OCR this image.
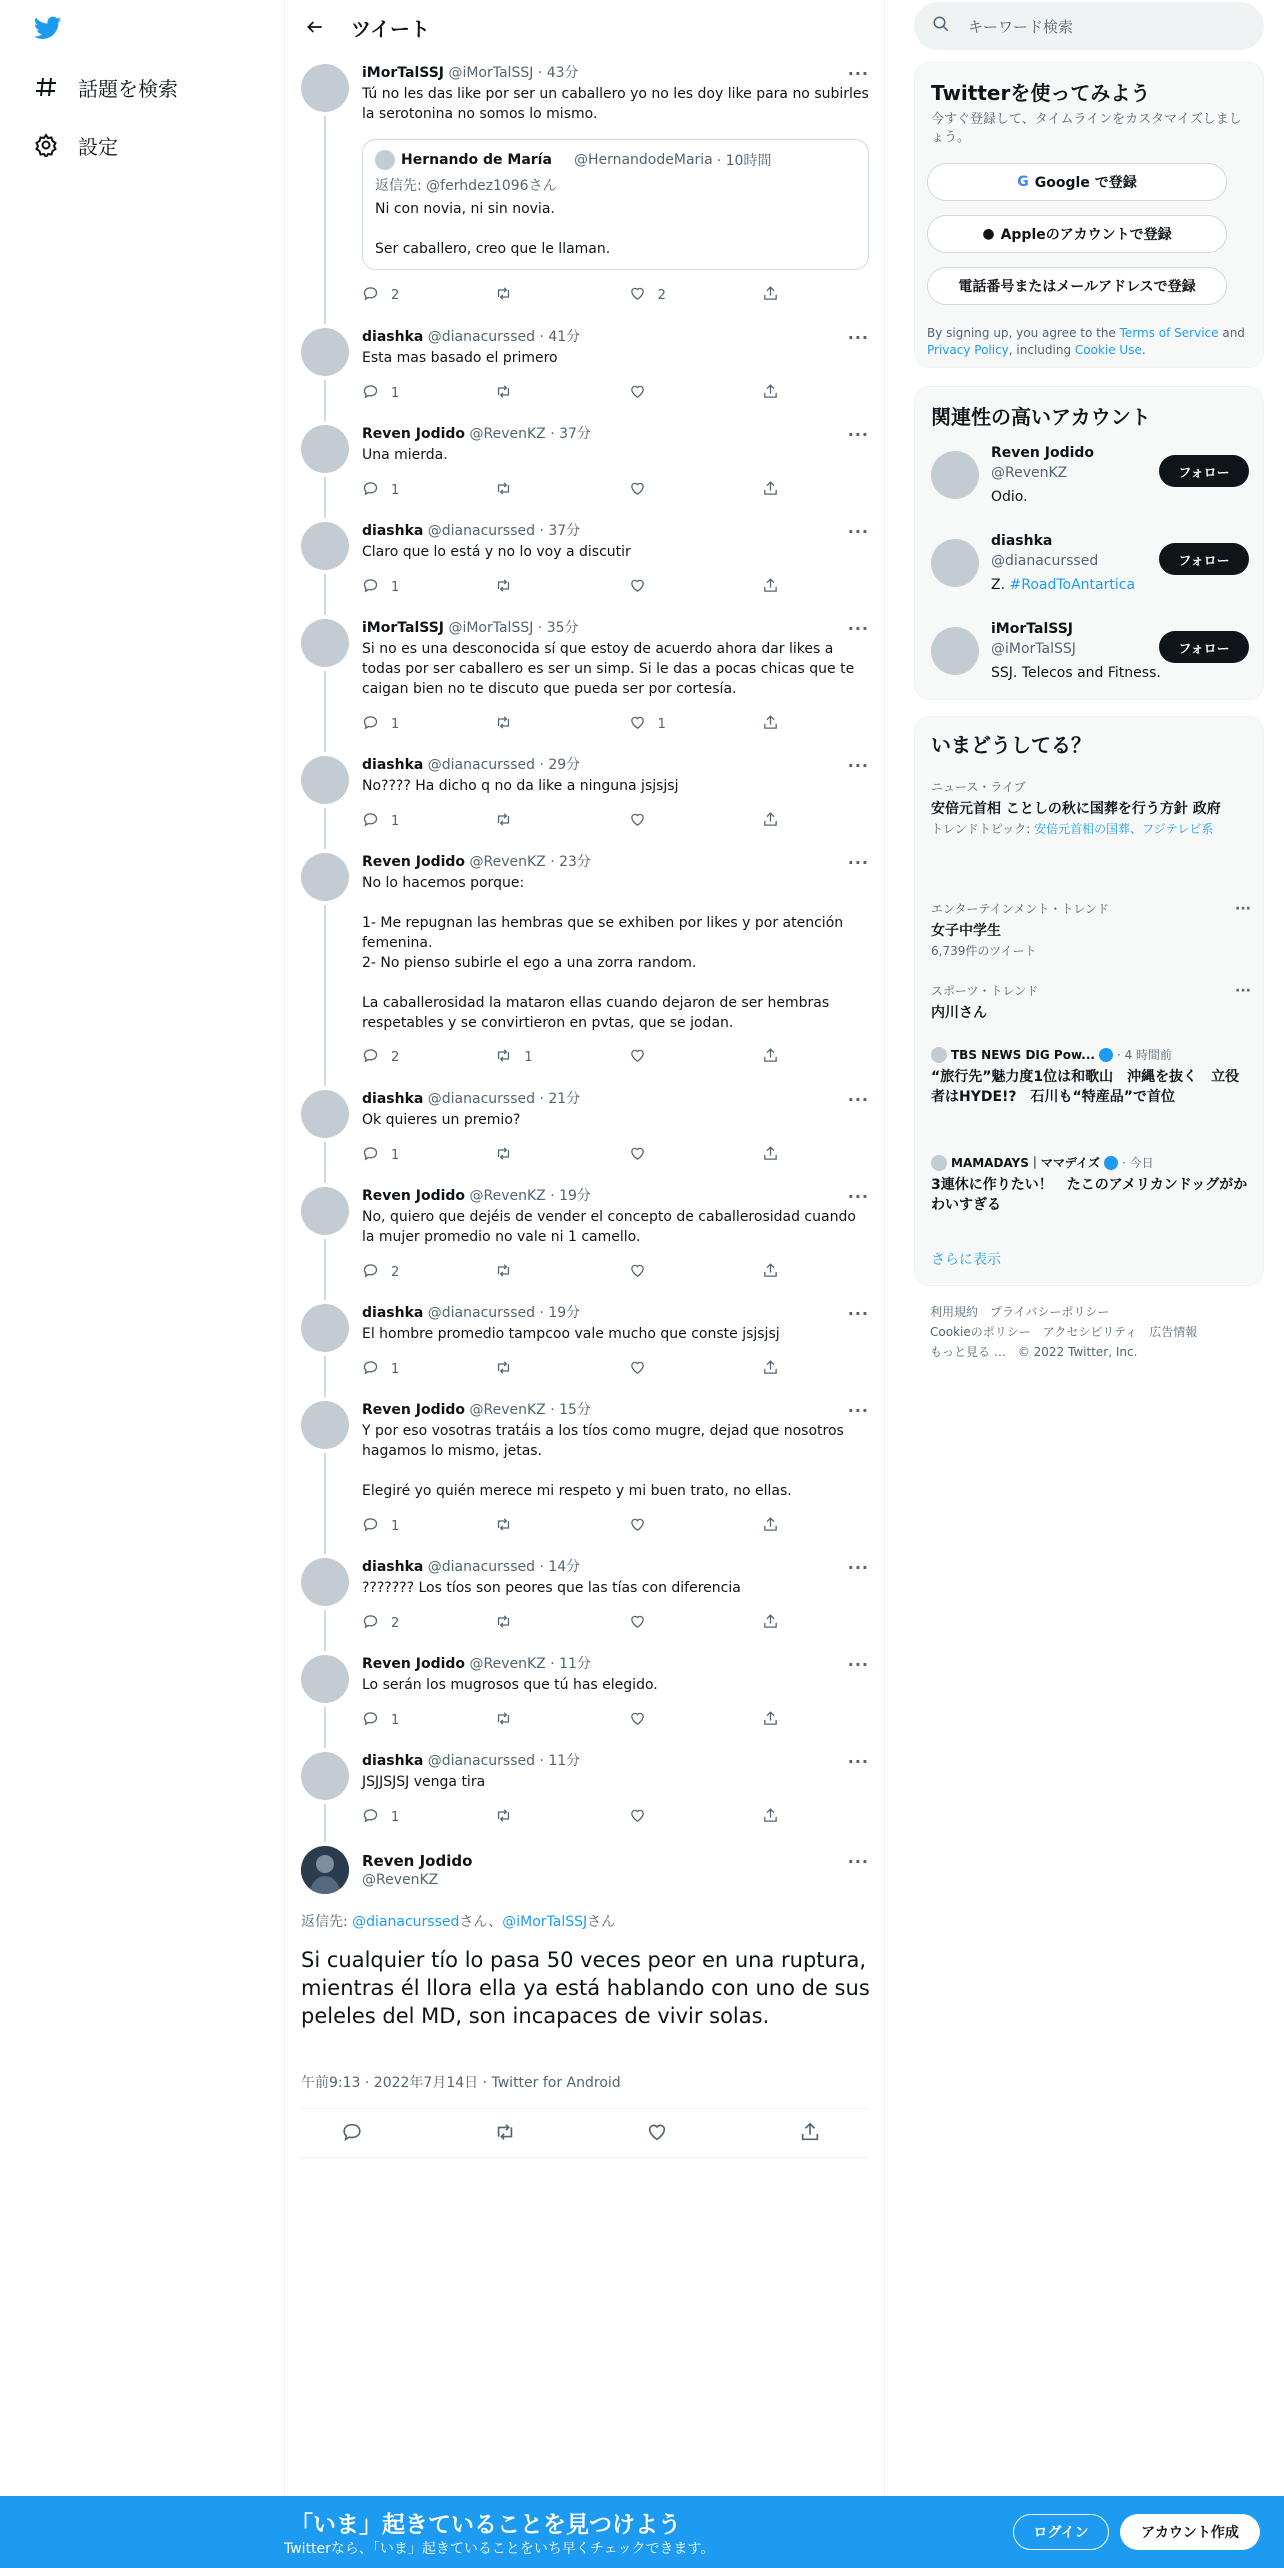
話題を検索
設定
ツイート
iMorTalSSJ @iMorTalSSJ · 43分	···
Tú no les das like por ser un caballero yo no les doy like para no subirles la serotonina no somos lo mismo.
2	2
diashka @dianacurssed · 41分	···
Esta mas basado el primero
1
Reven Jodido @RevenKZ · 37分	···
Una mierda.
1
diashka @dianacurssed · 37分	···
Claro que lo está y no lo voy a discutir
1
iMorTalSSJ @iMorTalSSJ · 35分	···
Si no es una desconocida sí que estoy de acuerdo ahora dar likes a todas por ser caballero es ser un simp. Si le das a pocas chicas que te caigan bien no te discuto que pueda ser por cortesía.
1	1
diashka @dianacurssed · 29分	···
No???? Ha dicho q no da like a ninguna jsjsjsj
1
Reven Jodido @RevenKZ · 23分	···
No lo hacemos porque:

1- Me repugnan las hembras que se exhiben por likes y por atención femenina.
2- No pienso subirle el ego a una zorra random.

La caballerosidad la mataron ellas cuando dejaron de ser hembras respetables y se convirtieron en pvtas, que se jodan.
2	1
diashka @dianacurssed · 21分	···
Ok quieres un premio?
1
Reven Jodido @RevenKZ · 19分	···
No, quiero que dejéis de vender el concepto de caballerosidad cuando la mujer promedio no vale ni 1 camello.
2
diashka @dianacurssed · 19分	···
El hombre promedio tampcoo vale mucho que conste jsjsjsj
1
Reven Jodido @RevenKZ · 15分	···
Y por eso vosotras tratáis a los tíos como mugre, dejad que nosotros hagamos lo mismo, jetas.

Elegiré yo quién merece mi respeto y mi buen trato, no ellas.
1
diashka @dianacurssed · 14分	···
??????? Los tíos son peores que las tías con diferencia
2
Reven Jodido @RevenKZ · 11分	···
Lo serán los mugrosos que tú has elegido.
1
diashka @dianacurssed · 11分	···
JSJJSJSJ venga tira
1
Hernando de María @HernandodeMaria · 10時間
返信先: @ferhdez1096さん
Ni con novia, ni sin novia.

Ser caballero, creo que le llaman.
Reven Jodido
@RevenKZ
···
返信先: @dianacurssedさん、@iMorTalSSJさん
Si cualquier tío lo pasa 50 veces peor en una ruptura, mientras él llora ella ya está hablando con uno de sus peleles del MD, son incapaces de vivir solas.
午前9:13 · 2022年7月14日 · Twitter for Android
キーワード検索
Twitterを使ってみよう
今すぐ登録して、タイムラインをカスタマイズしましょう。
G Google で登録
● Appleのアカウントで登録
電話番号またはメールアドレスで登録
By signing up, you agree to the Terms of Service and Privacy Policy, including Cookie Use.
関連性の高いアカウント
Reven Jodido
@RevenKZ
Odio.
フォロー
diashka
@dianacurssed
Z. #RoadToAntartica
フォロー
iMorTalSSJ
@iMorTalSSJ
SSJ. Telecos and Fitness.
フォロー
いまどうしてる？
ニュース・ライブ
安倍元首相 ことしの秋に国葬を行う方針 政府
トレンドトピック: 安倍元首相の国葬、フジテレビ系
エンターテインメント・トレンド
女子中学生
6,739件のツイート
···
スポーツ・トレンド
内川さん
···
TBS NEWS DIG Pow... · 4 時間前
“旅行先”魅力度1位は和歌山　沖縄を抜く　立役者はHYDE!?　石川も“特産品”で首位
MAMADAYS｜ママデイズ · 今日
3連休に作りたい！　たこのアメリカンドッグがかわいすぎる
さらに表示
利用規約 プライバシーポリシー
Cookieのポリシー アクセシビリティ 広告情報
もっと見る … © 2022 Twitter, Inc.
「いま」起きていることを見つけよう
Twitterなら、「いま」起きていることをいち早くチェックできます。
ログイン	アカウント作成
